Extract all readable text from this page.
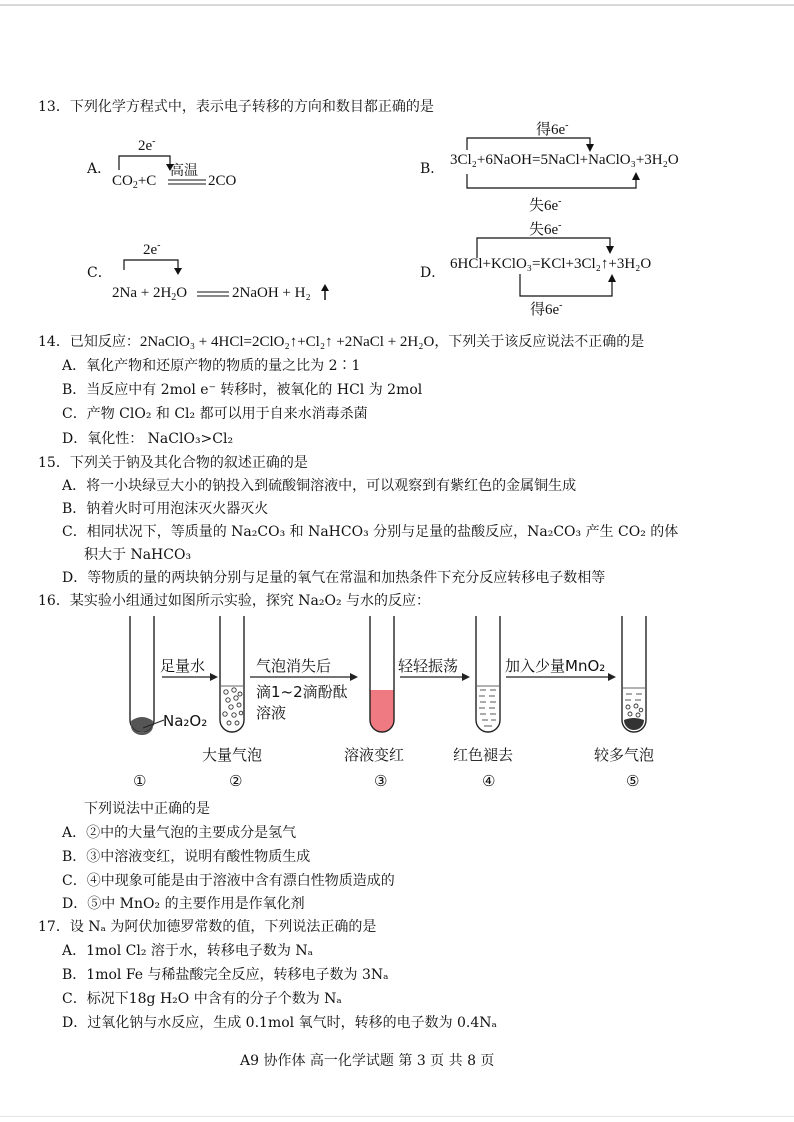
13．下列化学方程式中，表示电子转移的方向和数目都正确的是
A．
2e-
$CO_2+C$
高温
2CO
B．
得6e-
3Cl₂+6NaOH=5NaCl+NaClO₃+3H₂O
失6e-
C．
2e-
$2Na + 2H_2O$	2NaOH + H₂
D．
失6e-
6HCl+KClO₃=KCl+3Cl₂↑+3H₂O
得6e-
14．已知反应：2NaClO₃ + 4HCl=2ClO₂↑+Cl₂↑ +2NaCl + 2H₂O，下列关于该反应说法不正确的是
A．氧化产物和还原产物的物质的量之比为 2∶1
B．当反应中有 2mol e⁻ 转移时，被氧化的 HCl 为 2mol
C．产物 ClO₂ 和 Cl₂ 都可以用于自来水消毒杀菌
D．氧化性： NaClO₃>Cl₂
15．下列关于钠及其化合物的叙述正确的是
A．将一小块绿豆大小的钠投入到硫酸铜溶液中，可以观察到有紫红色的金属铜生成
B．钠着火时可用泡沫灭火器灭火
C．相同状况下，等质量的 Na₂CO₃ 和 NaHCO₃ 分别与足量的盐酸反应，Na₂CO₃ 产生 CO₂ 的体
积大于 NaHCO₃
D．等物质的量的两块钠分别与足量的氧气在常温和加热条件下充分反应转移电子数相等
16．某实验小组通过如图所示实验，探究 Na₂O₂ 与水的反应：
足量水	气泡消失后
滴1~2滴酚酞
溶液
轻轻振荡	加入少量MnO₂
Na₂O₂
大量气泡	溶液变红	红色褪去	较多气泡
①	②	③	④	⑤
下列说法中正确的是
A．②中的大量气泡的主要成分是氢气
B．③中溶液变红，说明有酸性物质生成
C．④中现象可能是由于溶液中含有漂白性物质造成的
D．⑤中 MnO₂ 的主要作用是作氧化剂
17．设 Nₐ 为阿伏加德罗常数的值，下列说法正确的是
A．1mol Cl₂ 溶于水，转移电子数为 Nₐ
B．1mol Fe 与稀盐酸完全反应，转移电子数为 3Nₐ
C．标况下18g H₂O 中含有的分子个数为 Nₐ
D．过氧化钠与水反应，生成 0.1mol 氧气时，转移的电子数为 0.4Nₐ
A9 协作体 高一化学试题 第 3 页 共 8 页
